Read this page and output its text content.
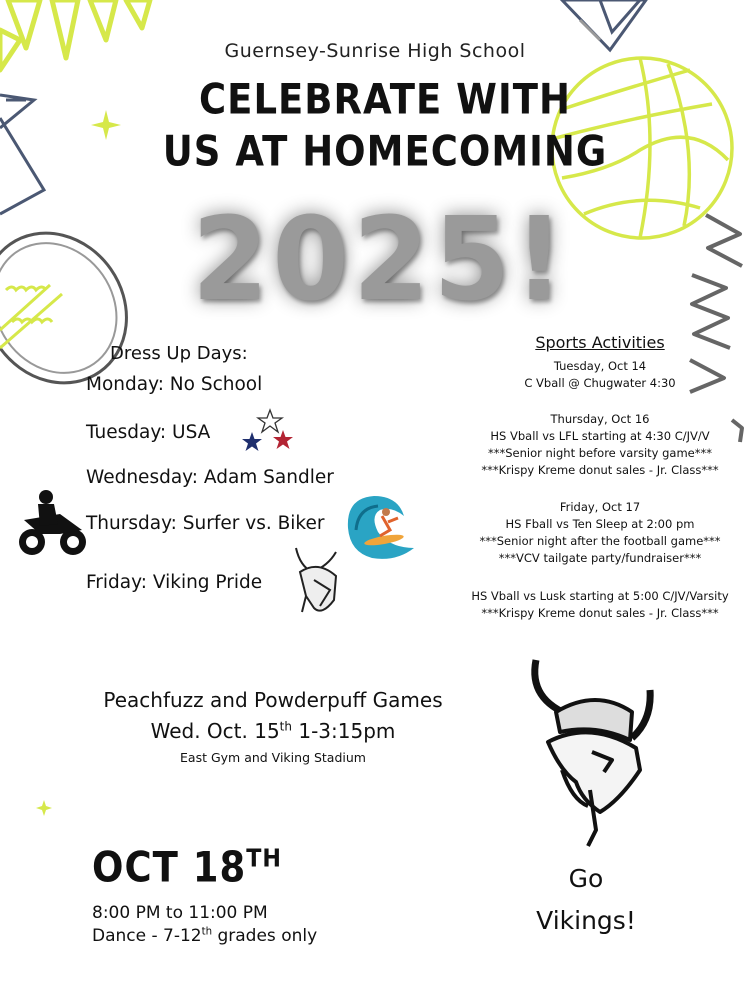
Guernsey-Sunrise High School
CELEBRATE WITH
US AT HOMECOMING
2025!
Dress Up Days:
Monday: No School
Tuesday: USA
Wednesday: Adam Sandler
Thursday: Surfer vs. Biker
Friday: Viking Pride
Sports Activities
Tuesday, Oct 14
C Vball @ Chugwater 4:30
Thursday, Oct 16
HS Vball vs LFL starting at 4:30 C/JV/V
***Senior night before varsity game***
***Krispy Kreme donut sales - Jr. Class***
Friday, Oct 17
HS Fball vs Ten Sleep at 2:00 pm
***Senior night after the football game***
***VCV tailgate party/fundraiser***
HS Vball vs Lusk starting at 5:00 C/JV/Varsity
***Krispy Kreme donut sales - Jr. Class***
Peachfuzz and Powderpuff Games
Wed. Oct. 15th 1-3:15pm
East Gym and Viking Stadium
OCT 18TH
8:00 PM to 11:00 PM
Dance - 7-12th grades only
Go
Vikings!
